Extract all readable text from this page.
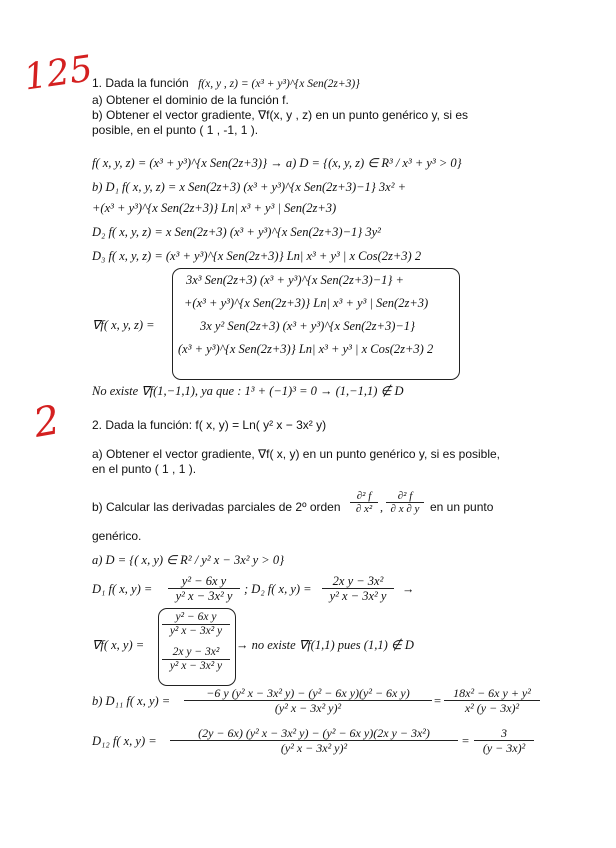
125
2
1. Dada la función f(x, y , z) = (x³ + y³)^{x Sen(2z+3)}
a) Obtener el dominio de la función f.
b) Obtener el vector gradiente, ∇f(x, y , z) en un punto genérico y, si es
posible, en el punto ( 1 , -1, 1 ).
f( x, y, z) = (x³ + y³)^{x Sen(2z+3)} → a) D = {(x, y, z) ∈ R³ / x³ + y³ > 0}
b) D₁ f( x, y, z) = x Sen(2z+3) (x³ + y³)^{x Sen(2z+3)−1} 3x² +
+(x³ + y³)^{x Sen(2z+3)} Ln| x³ + y³ | Sen(2z+3)
D₂ f( x, y, z) = x Sen(2z+3) (x³ + y³)^{x Sen(2z+3)−1} 3y²
D₃ f( x, y, z) = (x³ + y³)^{x Sen(2z+3)} Ln| x³ + y³ | x Cos(2z+3) 2
∇f( x, y, z) =
3x³ Sen(2z+3) (x³ + y³)^{x Sen(2z+3)−1} +
+(x³ + y³)^{x Sen(2z+3)} Ln| x³ + y³ | Sen(2z+3)
3x y² Sen(2z+3) (x³ + y³)^{x Sen(2z+3)−1}
(x³ + y³)^{x Sen(2z+3)} Ln| x³ + y³ | x Cos(2z+3) 2
No existe ∇f(1,−1,1), ya que : 1³ + (−1)³ = 0 → (1,−1,1) ∉ D
2. Dada la función: f( x, y) = Ln( y² x − 3x² y)
a) Obtener el vector gradiente, ∇f( x, y) en un punto genérico y, si es posible,
en el punto ( 1 , 1 ).
b) Calcular las derivadas parciales de 2º orden
∂² f
∂ x² ,
∂² f
∂ x ∂ y en un punto
genérico.
a) D = {( x, y) ∈ R² / y² x − 3x² y > 0}
D₁ f( x, y) =
y² − 6x y
y² x − 3x² y ; D₂ f( x, y) =
2x y − 3x²
y² x − 3x² y	→
∇f( x, y) =
y² − 6x y
y² x − 3x² y
2x y − 3x²
y² x − 3x² y
→ no existe ∇f(1,1) pues (1,1) ∉ D
b) D₁₁ f( x, y) =
−6 y (y² x − 3x² y) − (y² − 6x y)(y² − 6x y)
(y² x − 3x² y)²	=
18x² − 6x y + y²
x² (y − 3x)²
D₁₂ f( x, y) =
(2y − 6x) (y² x − 3x² y) − (y² − 6x y)(2x y − 3x²)
(y² x − 3x² y)²	=
3
(y − 3x)²
